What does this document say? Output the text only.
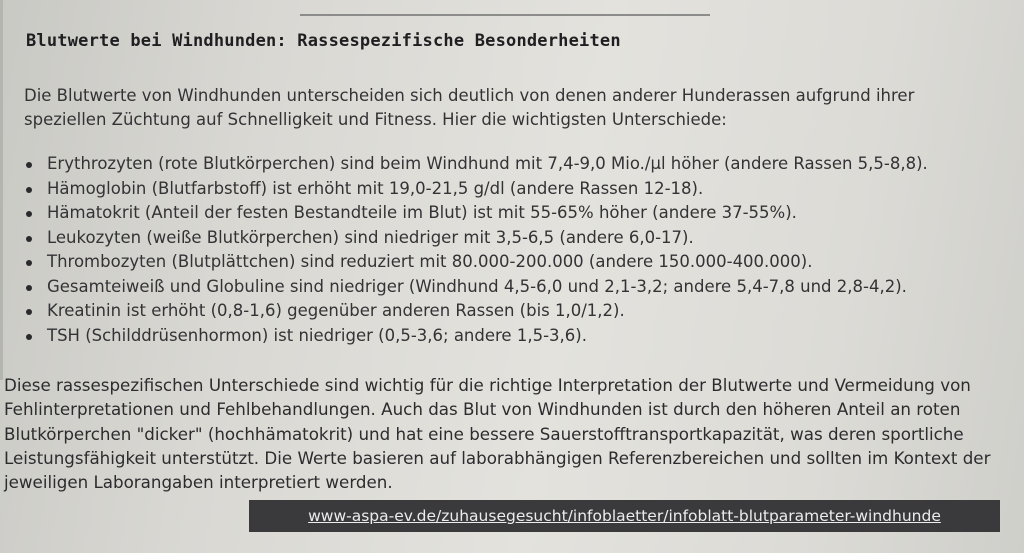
Blutwerte bei Windhunden: Rassespezifische Besonderheiten

Die Blutwerte von Windhunden unterscheiden sich deutlich von denen anderer Hunderassen aufgrund ihrer speziellen Züchtung auf Schnelligkeit und Fitness. Hier die wichtigsten Unterschiede:

Erythrozyten (rote Blutkörperchen) sind beim Windhund mit 7,4-9,0 Mio./µl höher (andere Rassen 5,5-8,8).
Hämoglobin (Blutfarbstoff) ist erhöht mit 19,0-21,5 g/dl (andere Rassen 12-18).
Hämatokrit (Anteil der festen Bestandteile im Blut) ist mit 55-65% höher (andere 37-55%).
Leukozyten (weiße Blutkörperchen) sind niedriger mit 3,5-6,5 (andere 6,0-17).
Thrombozyten (Blutplättchen) sind reduziert mit 80.000-200.000 (andere 150.000-400.000).
Gesamteiweiß und Globuline sind niedriger (Windhund 4,5-6,0 und 2,1-3,2; andere 5,4-7,8 und 2,8-4,2).
Kreatinin ist erhöht (0,8-1,6) gegenüber anderen Rassen (bis 1,0/1,2).
TSH (Schilddrüsenhormon) ist niedriger (0,5-3,6; andere 1,5-3,6).

Diese rassespezifischen Unterschiede sind wichtig für die richtige Interpretation der Blutwerte und Vermeidung von Fehlinterpretationen und Fehlbehandlungen. Auch das Blut von Windhunden ist durch den höheren Anteil an roten Blutkörperchen "dicker" (hochhämatokrit) und hat eine bessere Sauerstofftransportkapazität, was deren sportliche Leistungsfähigkeit unterstützt. Die Werte basieren auf laborabhängigen Referenzbereichen und sollten im Kontext der jeweiligen Laborangaben interpretiert werden.

www-aspa-ev.de/zuhausegesucht/infoblaetter/infoblatt-blutparameter-windhunde
